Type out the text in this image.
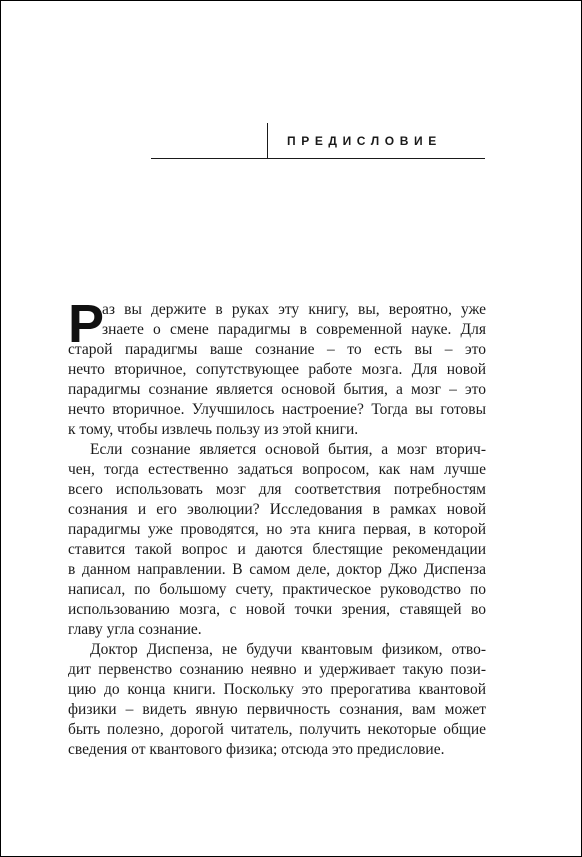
ПРЕДИСЛОВИЕ
Р
аз вы держите в руках эту книгу, вы, вероятно, уже
знаете о смене парадигмы в современной науке. Для
старой парадигмы ваше сознание – то есть вы – это
нечто вторичное, сопутствующее работе мозга. Для новой
парадигмы сознание является основой бытия, а мозг – это
нечто вторичное. Улучшилось настроение? Тогда вы готовы
к тому, чтобы извлечь пользу из этой книги.
Если сознание является основой бытия, а мозг вторич-
чен, тогда естественно задаться вопросом, как нам лучше
всего использовать мозг для соответствия потребностям
сознания и его эволюции? Исследования в рамках новой
парадигмы уже проводятся, но эта книга первая, в которой
ставится такой вопрос и даются блестящие рекомендации
в данном направлении. В самом деле, доктор Джо Диспенза
написал, по большому счету, практическое руководство по
использованию мозга, с новой точки зрения, ставящей во
главу угла сознание.
Доктор Диспенза, не будучи квантовым физиком, отво-
дит первенство сознанию неявно и удерживает такую пози-
цию до конца книги. Поскольку это прерогатива квантовой
физики – видеть явную первичность сознания, вам может
быть полезно, дорогой читатель, получить некоторые общие
сведения от квантового физика; отсюда это предисловие.
